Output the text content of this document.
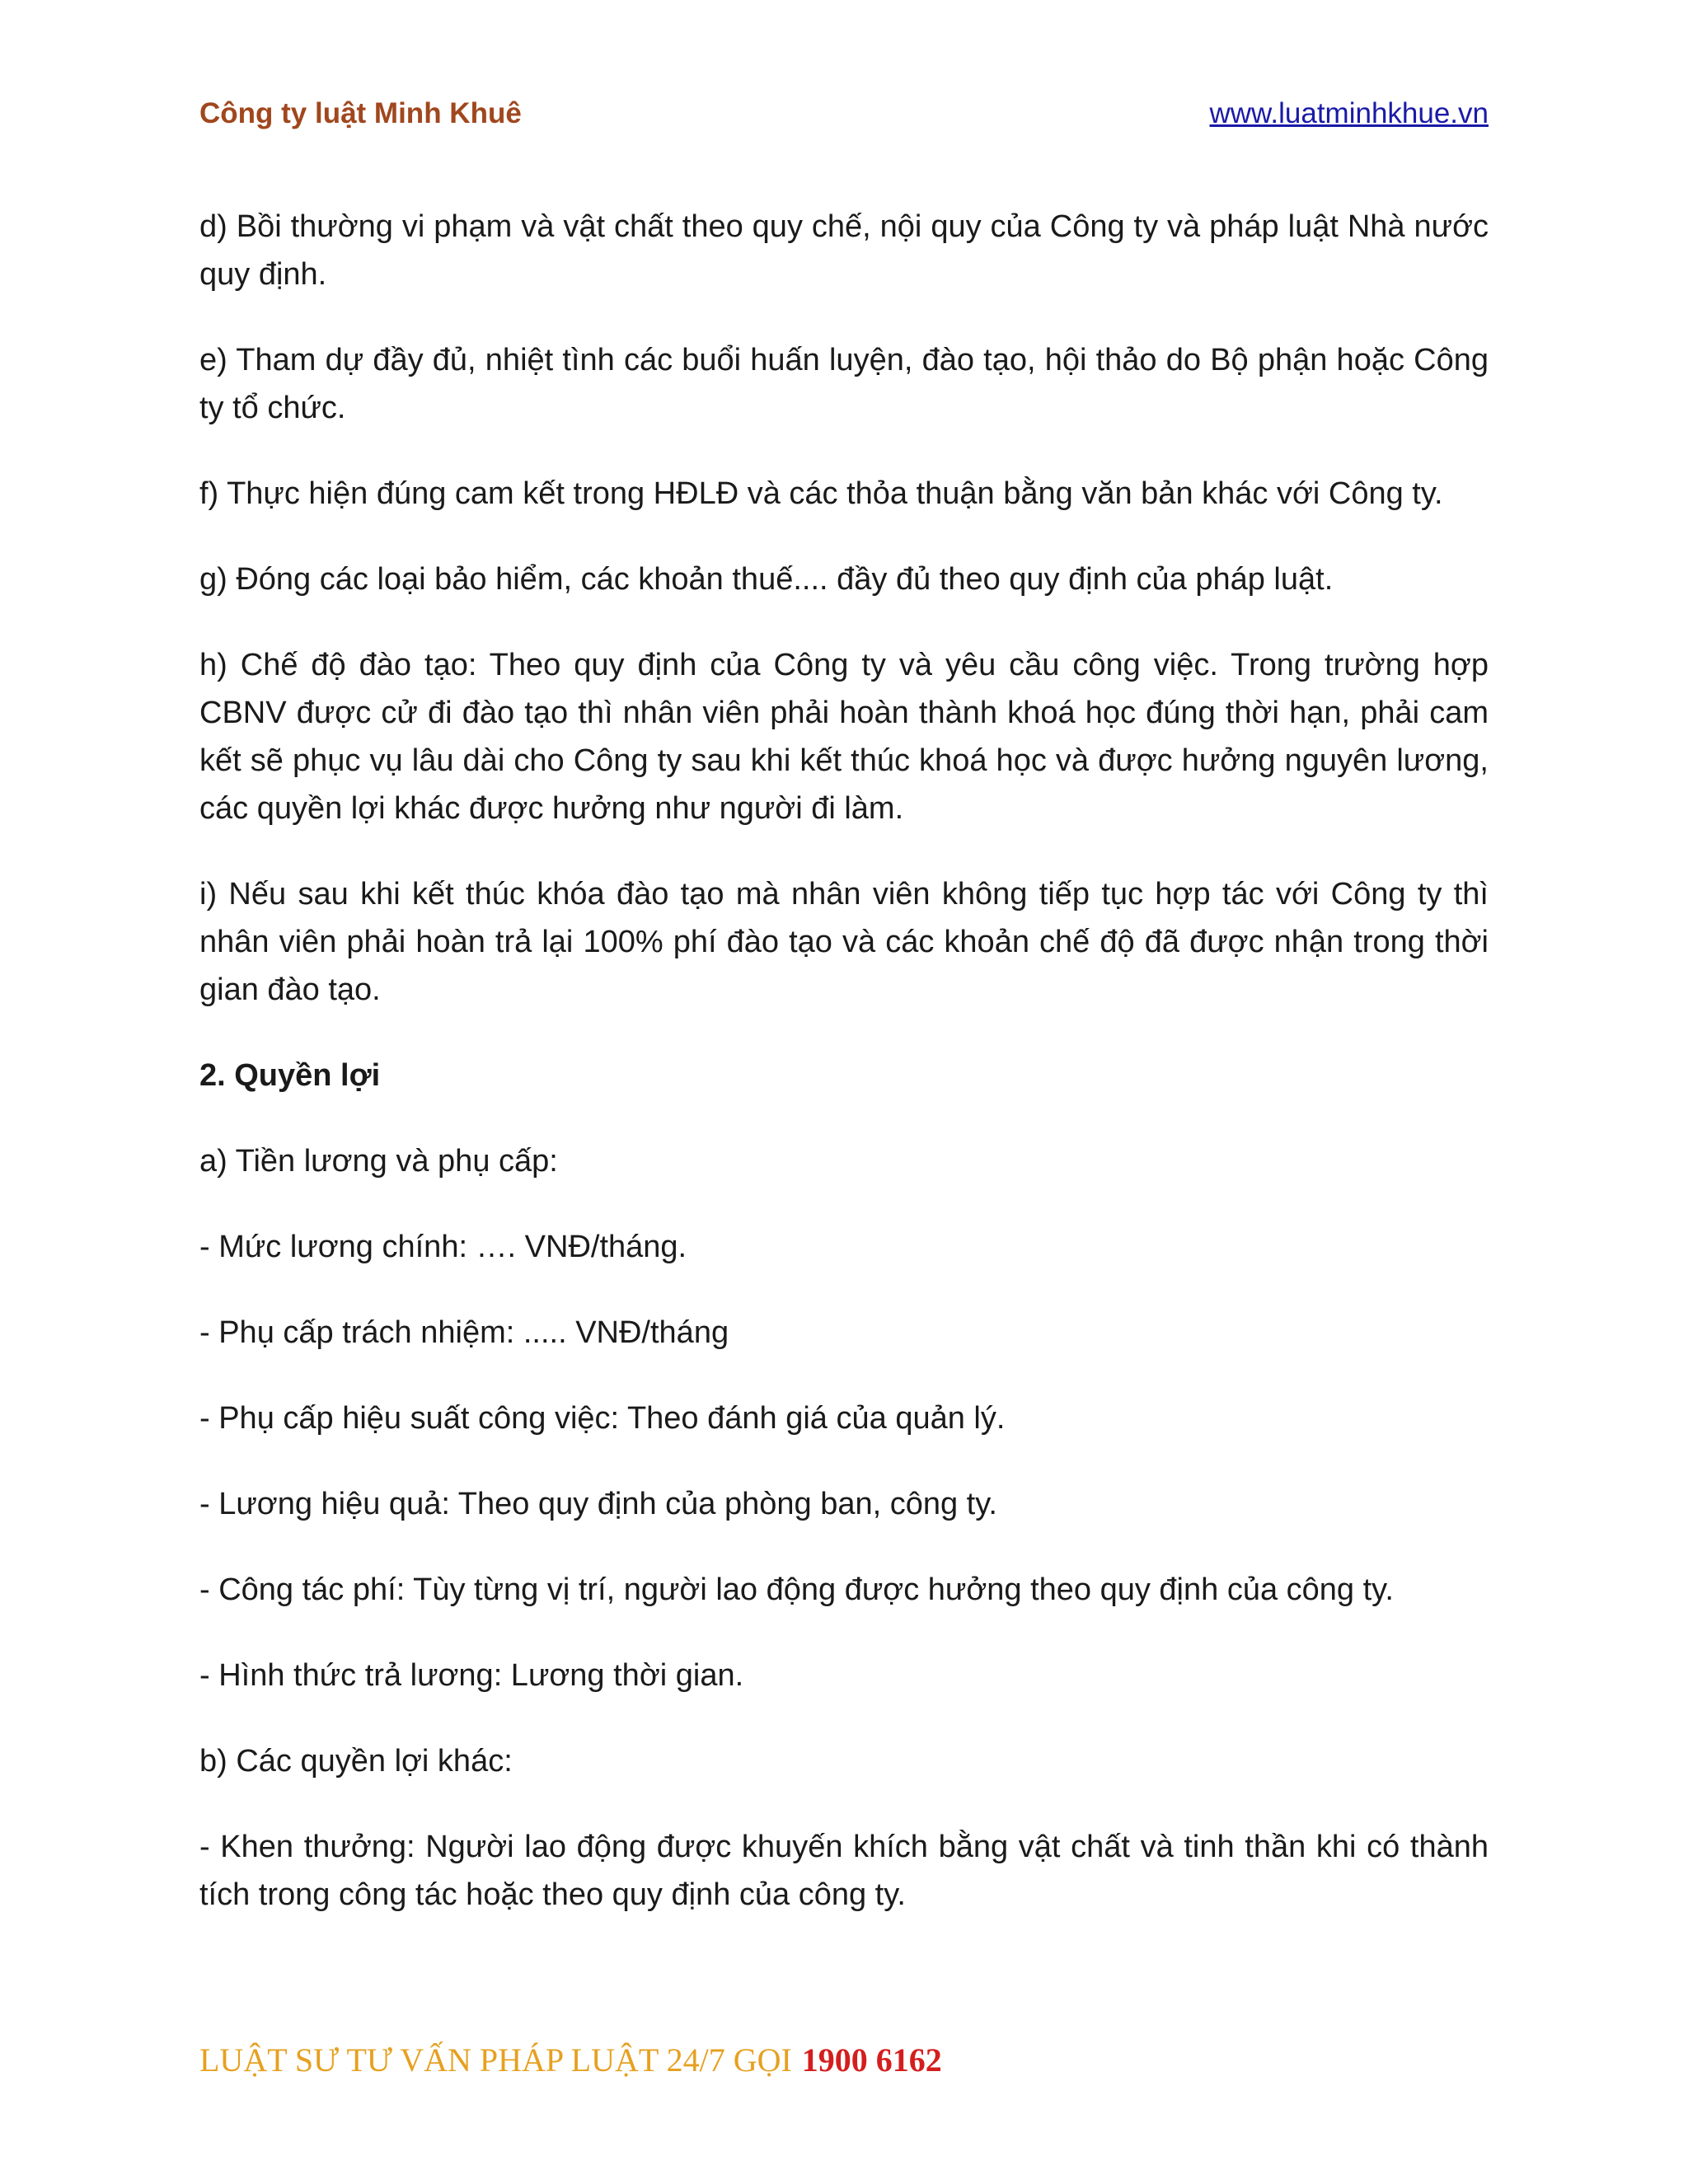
Công ty luật Minh Khuê	www.luatminhkhue.vn

d) Bồi thường vi phạm và vật chất theo quy chế, nội quy của Công ty và pháp luật Nhà nước quy định.

e) Tham dự đầy đủ, nhiệt tình các buổi huấn luyện, đào tạo, hội thảo do Bộ phận hoặc Công ty tổ chức.

f) Thực hiện đúng cam kết trong HĐLĐ và các thỏa thuận bằng văn bản khác với Công ty.

g) Đóng các loại bảo hiểm, các khoản thuế.... đầy đủ theo quy định của pháp luật.

h) Chế độ đào tạo: Theo quy định của Công ty và yêu cầu công việc. Trong trường hợp CBNV được cử đi đào tạo thì nhân viên phải hoàn thành khoá học đúng thời hạn, phải cam kết sẽ phục vụ lâu dài cho Công ty sau khi kết thúc khoá học và được hưởng nguyên lương, các quyền lợi khác được hưởng như người đi làm.

i) Nếu sau khi kết thúc khóa đào tạo mà nhân viên không tiếp tục hợp tác với Công ty thì nhân viên phải hoàn trả lại 100% phí đào tạo và các khoản chế độ đã được nhận trong thời gian đào tạo.

2. Quyền lợi

a) Tiền lương và phụ cấp:

- Mức lương chính: …. VNĐ/tháng.

- Phụ cấp trách nhiệm: ..... VNĐ/tháng

- Phụ cấp hiệu suất công việc: Theo đánh giá của quản lý.

- Lương hiệu quả: Theo quy định của phòng ban, công ty.

- Công tác phí: Tùy từng vị trí, người lao động được hưởng theo quy định của công ty.

- Hình thức trả lương: Lương thời gian.

b) Các quyền lợi khác:

- Khen thưởng: Người lao động được khuyến khích bằng vật chất và tinh thần khi có thành tích trong công tác hoặc theo quy định của công ty.

LUẬT SƯ TƯ VẤN PHÁP LUẬT 24/7 GỌI 1900 6162
